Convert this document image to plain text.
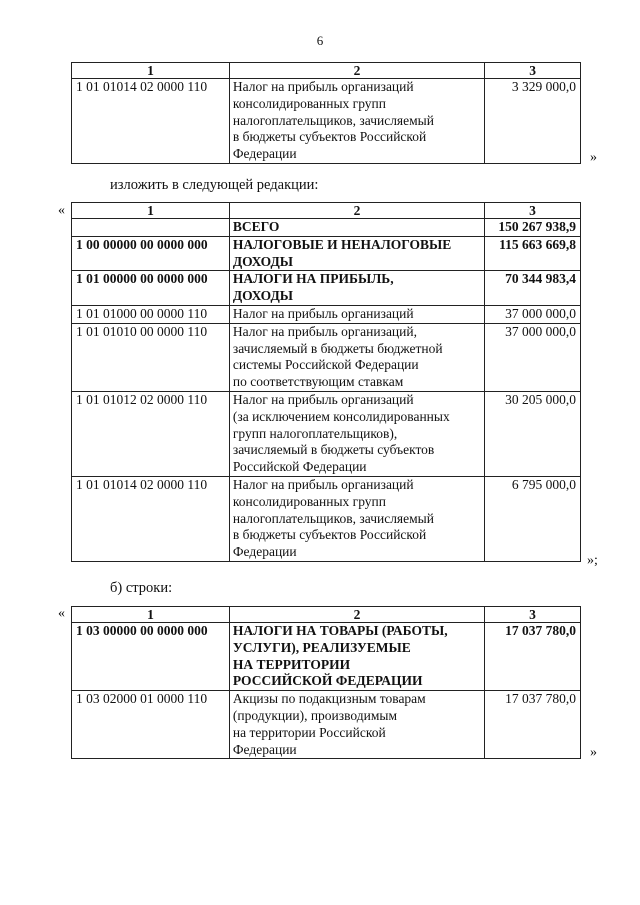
6
1	2	3
1 01 01014 02 0000 110	Налог на прибыль организаций
консолидированных групп
налогоплательщиков, зачисляемый
в бюджеты субъектов Российской
Федерации	3 329 000,0
»
изложить в следующей редакции:
«	1	2	3

	ВСЕГО	150 267 938,9
1 00 00000 00 0000 000	НАЛОГОВЫЕ И НЕНАЛОГОВЫЕ
ДОХОДЫ	115 663 669,8
1 01 00000 00 0000 000	НАЛОГИ НА ПРИБЫЛЬ,
ДОХОДЫ	70 344 983,4
1 01 01000 00 0000 110	Налог на прибыль организаций	37 000 000,0
1 01 01010 00 0000 110	Налог на прибыль организаций,
зачисляемый в бюджеты бюджетной
системы Российской Федерации
по соответствующим ставкам	37 000 000,0
1 01 01012 02 0000 110	Налог на прибыль организаций
(за исключением консолидированных
групп налогоплательщиков),
зачисляемый в бюджеты субъектов
Российской Федерации	30 205 000,0
1 01 01014 02 0000 110	Налог на прибыль организаций
консолидированных групп
налогоплательщиков, зачисляемый
в бюджеты субъектов Российской
Федерации	6 795 000,0
»;
б) строки:
«	1	2	3
1 03 00000 00 0000 000	НАЛОГИ НА ТОВАРЫ (РАБОТЫ,
УСЛУГИ), РЕАЛИЗУЕМЫЕ
НА ТЕРРИТОРИИ
РОССИЙСКОЙ ФЕДЕРАЦИИ	17 037 780,0
1 03 02000 01 0000 110	Акцизы по подакцизным товарам
(продукции), производимым
на территории Российской
Федерации	17 037 780,0
»
